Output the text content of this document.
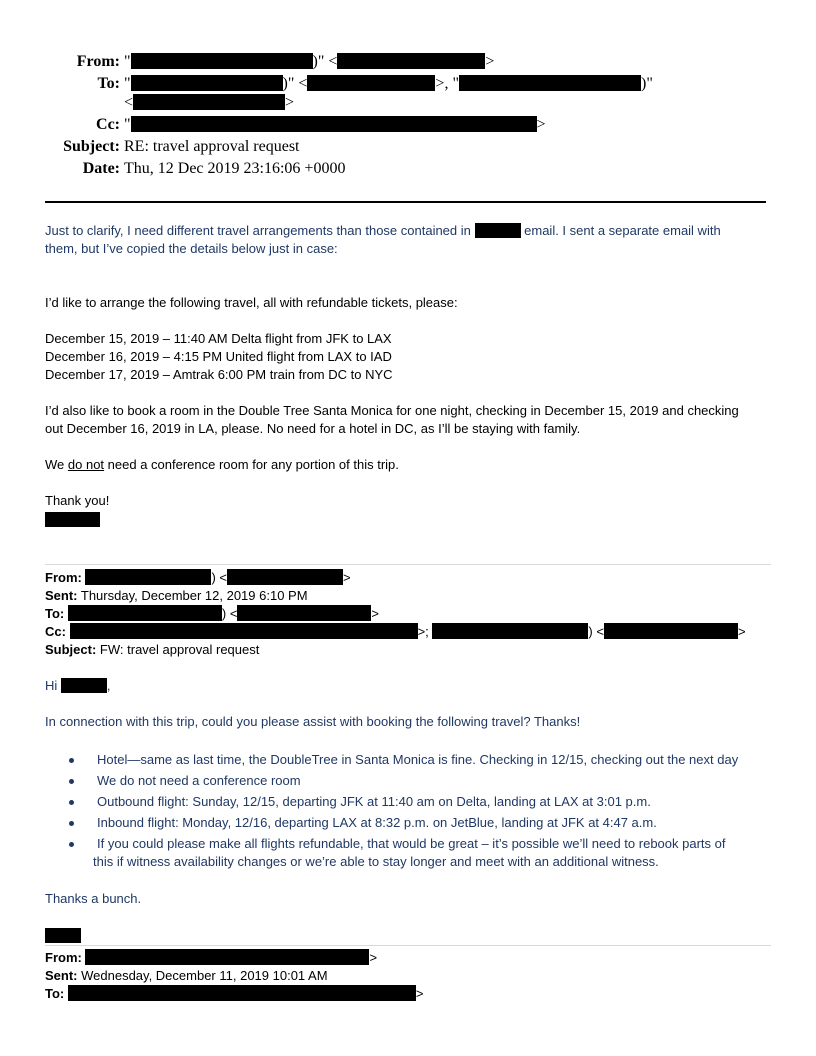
From: "	)" <	>
To: "	)" <	>, "	)"
<	>
Cc: "	>
Subject: RE: travel approval request
Date: Thu, 12 Dec 2019 23:16:06 +0000
Just to clarify, I need different travel arrangements than those contained in	email. I sent a separate email with
them, but I’ve copied the details below just in case:
I’d like to arrange the following travel, all with refundable tickets, please:
December 15, 2019 – 11:40 AM Delta flight from JFK to LAX
December 16, 2019 – 4:15 PM United flight from LAX to IAD
December 17, 2019 – Amtrak 6:00 PM train from DC to NYC
I’d also like to book a room in the Double Tree Santa Monica for one night, checking in December 15, 2019 and checking
out December 16, 2019 in LA, please. No need for a hotel in DC, as I’ll be staying with family.
We do not need a conference room for any portion of this trip.
Thank you!
From:	) <	>
Sent: Thursday, December 12, 2019 6:10 PM
To:	) <	>
Cc:	>;	) <	>
Subject: FW: travel approval request
Hi	,
In connection with this trip, could you please assist with booking the following travel? Thanks!
Hotel—same as last time, the DoubleTree in Santa Monica is fine. Checking in 12/15, checking out the next day
We do not need a conference room
Outbound flight: Sunday, 12/15, departing JFK at 11:40 am on Delta, landing at LAX at 3:01 p.m.
Inbound flight: Monday, 12/16, departing LAX at 8:32 p.m. on JetBlue, landing at JFK at 4:47 a.m.
If you could please make all flights refundable, that would be great – it’s possible we’ll need to rebook parts of
this if witness availability changes or we’re able to stay longer and meet with an additional witness.
Thanks a bunch.
From:	>
Sent: Wednesday, December 11, 2019 10:01 AM
To:	>
